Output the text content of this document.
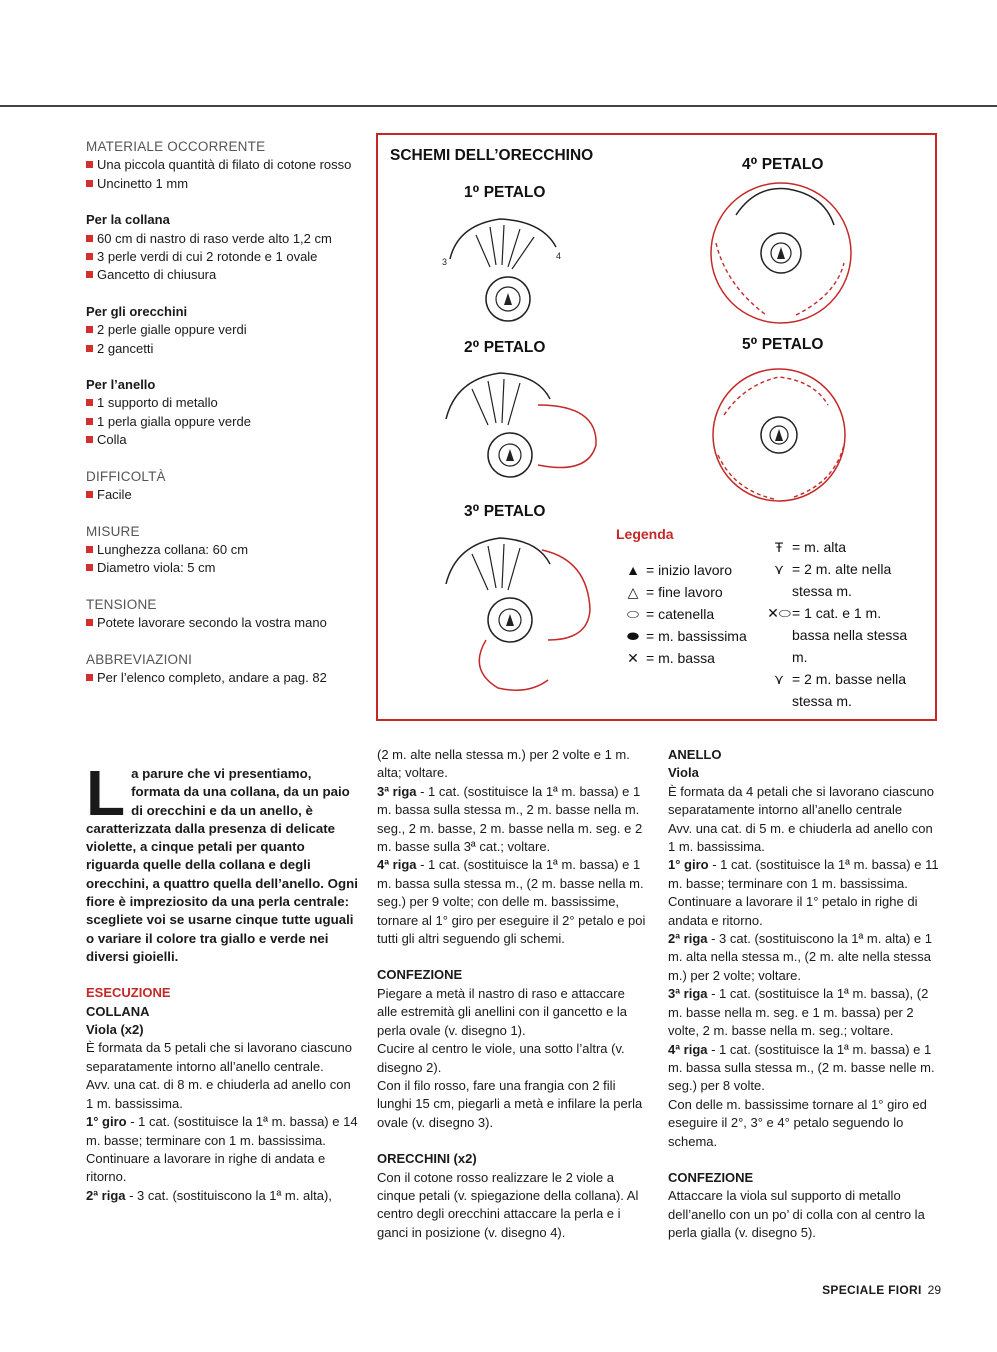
MATERIALE OCCORRENTE
Una piccola quantità di filato di cotone rosso
Uncinetto 1 mm
Per la collana
60 cm di nastro di raso verde alto 1,2 cm
3 perle verdi di cui 2 rotonde e 1 ovale
Gancetto di chiusura
Per gli orecchini
2 perle gialle oppure verdi
2 gancetti
Per l’anello
1 supporto di metallo
1 perla gialla oppure verde
Colla
DIFFICOLTÀ
Facile
MISURE
Lunghezza collana: 60 cm
Diametro viola: 5 cm
TENSIONE
Potete lavorare secondo la vostra mano
ABBREVIAZIONI
Per l’elenco completo, andare a pag. 82
SCHEMI DELL’ORECCHINO
1⁰ PETALO
4⁰ PETALO
2⁰ PETALO	5⁰ PETALO
3⁰ PETALO
3
4
Legenda
▲ = inizio lavoro
△ = fine lavoro
⬭ = catenella
⬬ = m. bassissima
✕ = m. bassa
Ŧ = m. alta
⋎ = 2 m. alte nella stessa m.
✕⬭ = 1 cat. e 1 m. bassa nella stessa m.
⋎ = 2 m. basse nella stessa m.
La parure che vi presentiamo, formata da una collana, da un paio di orecchini e da un anello, è caratterizzata dalla presenza di delicate violette, a cinque petali per quanto riguarda quelle della collana e degli orecchini, a quattro quella dell’anello. Ogni fiore è impreziosito da una perla centrale: scegliete voi se usarne cinque tutte uguali o variare il colore tra giallo e verde nei diversi gioielli.

ESECUZIONE

COLLANA

Viola (x2)

È formata da 5 petali che si lavorano ciascuno separatamente intorno all’anello centrale.

Avv. una cat. di 8 m. e chiuderla ad anello con 1 m. bassissima.

1° giro - 1 cat. (sostituisce la 1ª m. bassa) e 14 m. basse; terminare con 1 m. bassissima. Continuare a lavorare in righe di andata e ritorno.

2ª riga - 3 cat. (sostituiscono la 1ª m. alta),

(2 m. alte nella stessa m.) per 2 volte e 1 m. alta; voltare.

3ª riga - 1 cat. (sostituisce la 1ª m. bassa) e 1 m. bassa sulla stessa m., 2 m. basse nella m. seg., 2 m. basse, 2 m. basse nella m. seg. e 2 m. basse sulla 3ª cat.; voltare.

4ª riga - 1 cat. (sostituisce la 1ª m. bassa) e 1 m. bassa sulla stessa m., (2 m. basse nella m. seg.) per 9 volte; con delle m. bassissime, tornare al 1° giro per eseguire il 2° petalo e poi tutti gli altri seguendo gli schemi.

CONFEZIONE

Piegare a metà il nastro di raso e attaccare alle estremità gli anellini con il gancetto e la perla ovale (v. disegno 1).

Cucire al centro le viole, una sotto l’altra (v. disegno 2).

Con il filo rosso, fare una frangia con 2 fili lunghi 15 cm, piegarli a metà e infilare la perla ovale (v. disegno 3).

ORECCHINI (x2)

Con il cotone rosso realizzare le 2 viole a cinque petali (v. spiegazione della collana). Al centro degli orecchini attaccare la perla e i ganci in posizione (v. disegno 4).

ANELLO

Viola

È formata da 4 petali che si lavorano ciascuno separatamente intorno all’anello centrale

Avv. una cat. di 5 m. e chiuderla ad anello con 1 m. bassissima.

1° giro - 1 cat. (sostituisce la 1ª m. bassa) e 11 m. basse; terminare con 1 m. bassissima. Continuare a lavorare il 1° petalo in righe di andata e ritorno.

2ª riga - 3 cat. (sostituiscono la 1ª m. alta) e 1 m. alta nella stessa m., (2 m. alte nella stessa m.) per 2 volte; voltare.

3ª riga - 1 cat. (sostituisce la 1ª m. bassa), (2 m. basse nella m. seg. e 1 m. bassa) per 2 volte, 2 m. basse nella m. seg.; voltare.

4ª riga - 1 cat. (sostituisce la 1ª m. bassa) e 1 m. bassa sulla stessa m., (2 m. basse nelle m. seg.) per 8 volte.

Con delle m. bassissime tornare al 1° giro ed eseguire il 2°, 3° e 4° petalo seguendo lo schema.

CONFEZIONE

Attaccare la viola sul supporto di metallo dell’anello con un po’ di colla con al centro la perla gialla (v. disegno 5).

SPECIALE FIORI 29
